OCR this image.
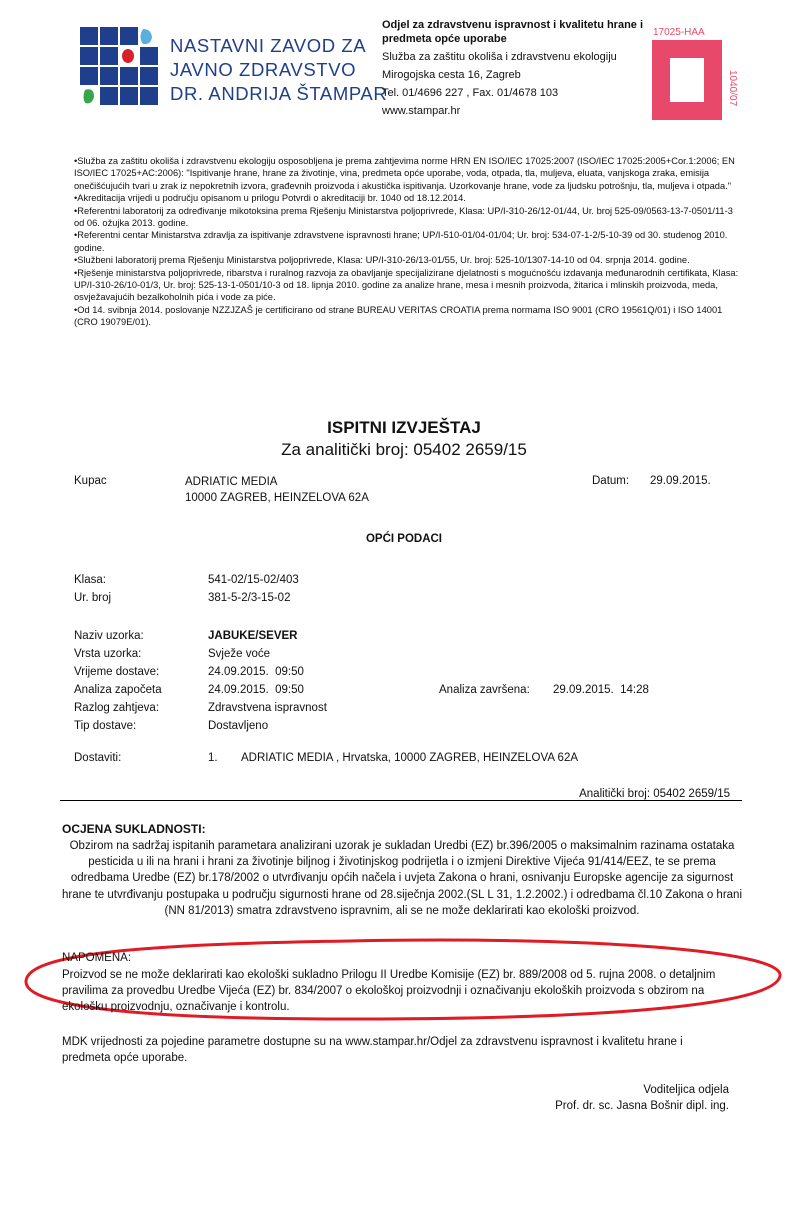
NASTAVNI ZAVOD ZA
JAVNO ZDRAVSTVO
DR. ANDRIJA ŠTAMPAR
Odjel za zdravstvenu ispravnost i kvalitetu hrane i predmeta opće uporabe
Služba za zaštitu okoliša i zdravstvenu ekologiju
Mirogojska cesta 16, Zagreb
Tel. 01/4696 227 , Fax. 01/4678 103
www.stampar.hr
17025-HAA
1040/07

•Služba za zaštitu okoliša i zdravstvenu ekologiju osposobljena je prema zahtjevima norme HRN EN ISO/IEC 17025:2007 (ISO/IEC 17025:2005+Cor.1:2006; EN ISO/IEC 17025+AC:2006): "Ispitivanje hrane, hrane za životinje, vina, predmeta opće uporabe, voda, otpada, tla, muljeva, eluata, vanjskoga zraka, emisija onečišćujućih tvari u zrak iz nepokretnih izvora, građevnih proizvoda i akustička ispitivanja. Uzorkovanje hrane, vode za ljudsku potrošnju, tla, mulјeva i otpada."

•Akreditacija vrijedi u području opisanom u prilogu Potvrdi o akreditaciji br. 1040 od 18.12.2014.

•Referentni laboratorij za određivanje mikotoksina prema Rješenju Ministarstva poljoprivrede, Klasa: UP/I-310-26/12-01/44, Ur. broj 525-09/0563-13-7-0501/11-3 od 06. ožujka 2013. godine.

•Referentni centar Ministarstva zdravlja za ispitivanje zdravstvene ispravnosti hrane; UP/I-510-01/04-01/04; Ur. broj: 534-07-1-2/5-10-39 od 30. studenog 2010. godine.

•Službeni laboratorij prema Rješenju Ministarstva poljoprivrede, Klasa: UP/I-310-26/13-01/55, Ur. broj: 525-10/1307-14-10 od 04. srpnja 2014. godine.

•Rješenje ministarstva poljoprivrede, ribarstva i ruralnog razvoja za obavljanje specijalizirane djelatnosti s mogućnošću izdavanja međunarodnih certifikata, Klasa: UP/I-310-26/10-01/3, Ur. broj: 525-13-1-0501/10-3 od 18. lipnja 2010. godine za analize hrane, mesa i mesnih proizvoda, žitarica i mlinskih proizvoda, meda, osvježavajućih bezalkoholnih pića i vode za piće.

•Od 14. svibnja 2014. poslovanje NZZJZAŠ je certificirano od strane BUREAU VERITAS CROATIA prema normama ISO 9001 (CRO 19561Q/01) i ISO 14001 (CRO 19079E/01).

ISPITNI IZVJEŠTAJ
Za analitički broj: 05402 2659/15
Kupac	ADRIATIC MEDIA
10000 ZAGREB, HEINZELOVA 62A
Datum: 29.09.2015.
OPĆI PODACI
Klasa:	541-02/15-02/403
Ur. broj	381-5-2/3-15-02
Naziv uzorka:	JABUKE/SEVER
Vrsta uzorka:	Svježe voće
Vrijeme dostave:	24.09.2015.  09:50
Analiza započeta	24.09.2015.  09:50	Analiza završena: 29.09.2015.  14:28
Razlog zahtjeva:	Zdravstvena ispravnost
Tip dostave:	Dostavljeno
Dostaviti:	1. ADRIATIC MEDIA , Hrvatska, 10000 ZAGREB, HEINZELOVA 62A
Analitički broj: 05402 2659/15
OCJENA SUKLADNOSTI:
Obzirom na sadržaj ispitanih parametara analizirani uzorak je sukladan Uredbi (EZ) br.396/2005 o maksimalnim razinama ostataka pesticida u ili na hrani i hrani za životinje biljnog i životinjskog podrijetla i o izmjeni Direktive Vijeća 91/414/EEZ, te se prema odredbama Uredbe (EZ) br.178/2002 o utvrđivanju općih načela i uvjeta Zakona o hrani, osnivanju Europske agencije za sigurnost hrane te utvrđivanju postupaka u području sigurnosti hrane od 28.siječnja 2002.(SL L 31, 1.2.2002.) i odredbama čl.10 Zakona o hrani (NN 81/2013) smatra zdravstveno ispravnim, ali se ne može deklarirati kao ekološki proizvod.
NAPOMENA:
Proizvod se ne može deklarirati kao ekološki sukladno Prilogu II Uredbe Komisije (EZ) br. 889/2008 od 5. rujna 2008. o detaljnim pravilima za provedbu Uredbe Vijeća (EZ) br. 834/2007 o ekološkoj proizvodnji i označivanju ekoloških proizvoda s obzirom na ekološku proizvodnju, označivanje i kontrolu.
MDK vrijednosti za pojedine parametre dostupne su na www.stampar.hr/Odjel za zdravstvenu ispravnost i kvalitetu hrane i predmeta opće uporabe.
Voditeljica odjela
Prof. dr. sc. Jasna Bošnir dipl. ing.
